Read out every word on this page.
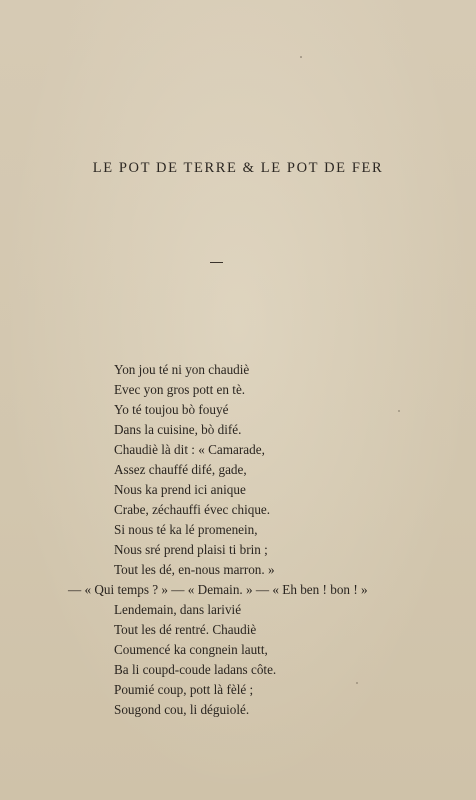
LE POT DE TERRE & LE POT DE FER
Yon jou té ni yon chaudiè
Evec yon gros pott en tè.
Yo té toujou bò fouyé
Dans la cuisine, bò difé.
Chaudiè là dit : « Camarade,
Assez chauffé difé, gade,
Nous ka prend ici anique
Crabe, zéchauffi évec chique.
Si nous té ka lé promenein,
Nous sré prend plaisi ti brin ;
Tout les dé, en-nous marron. »
— « Qui temps ? » — « Demain. » — « Eh ben ! bon ! »
Lendemain, dans larivié
Tout les dé rentré. Chaudiè
Coumencé ka congnein lautt,
Ba li coupd-coude ladans côte.
Poumié coup, pott là fèlé ;
Sougond cou, li déguiolé.
